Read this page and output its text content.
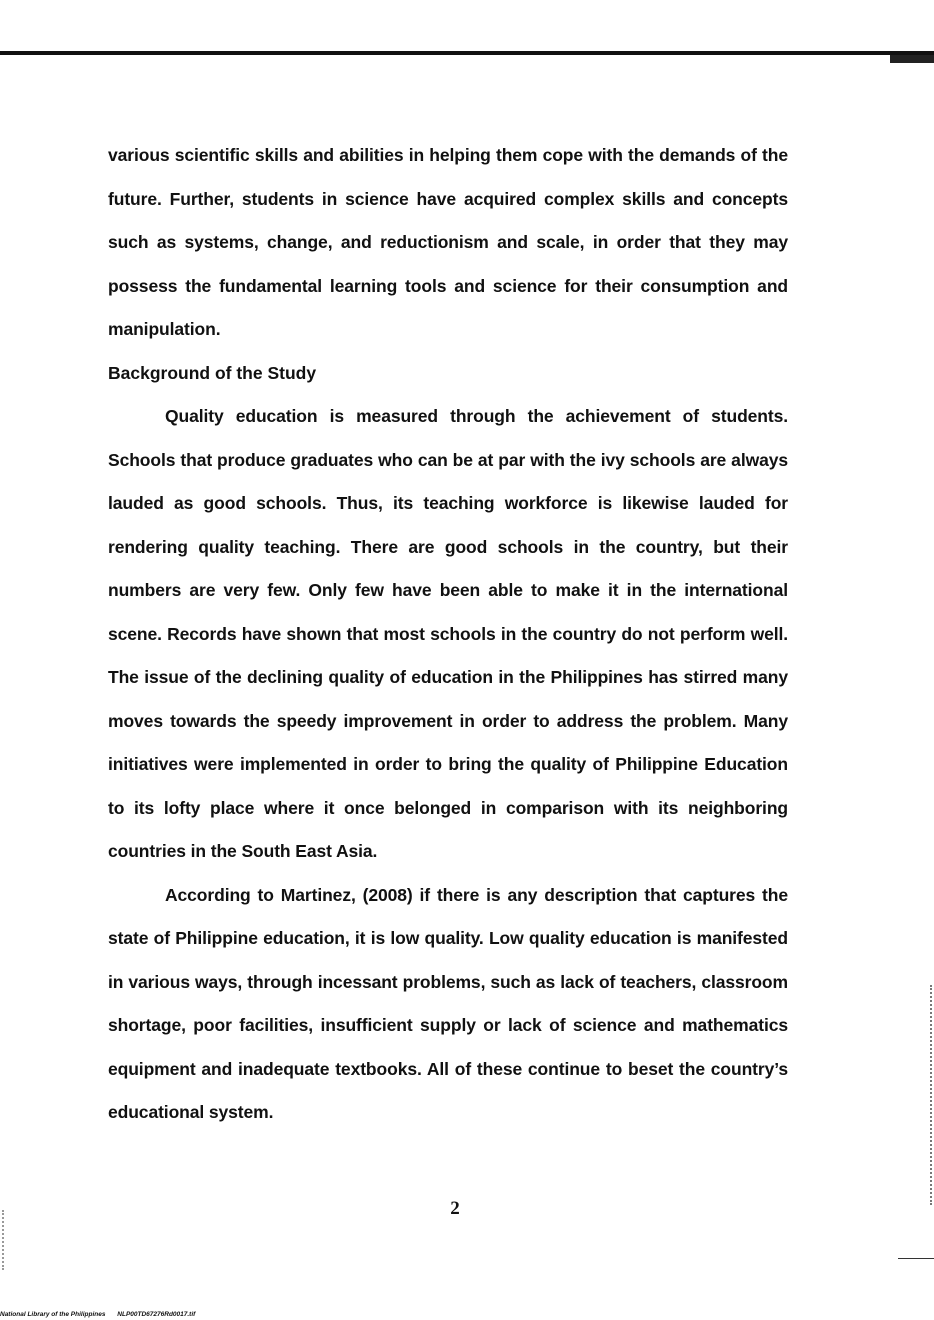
various scientific skills and abilities in helping them cope with the demands of the future. Further, students in science have acquired complex skills and concepts such as systems, change, and reductionism and scale, in order that they may possess the fundamental learning tools and science for their consumption and manipulation.

Background of the Study

Quality education is measured through the achievement of students. Schools that produce graduates who can be at par with the ivy schools are always lauded as good schools. Thus, its teaching workforce is likewise lauded for rendering quality teaching. There are good schools in the country, but their numbers are very few. Only few have been able to make it in the international scene. Records have shown that most schools in the country do not perform well. The issue of the declining quality of education in the Philippines has stirred many moves towards the speedy improvement in order to address the problem. Many initiatives were implemented in order to bring the quality of Philippine Education to its lofty place where it once belonged in comparison with its neighboring countries in the South East Asia.

According to Martinez, (2008) if there is any description that captures the state of Philippine education, it is low quality. Low quality education is manifested in various ways, through incessant problems, such as lack of teachers, classroom shortage, poor facilities, insufficient supply or lack of science and mathematics equipment and inadequate textbooks. All of these continue to beset the country’s educational system.

2
National Library of the Philippines NLP00TD67276Rd0017.tif
